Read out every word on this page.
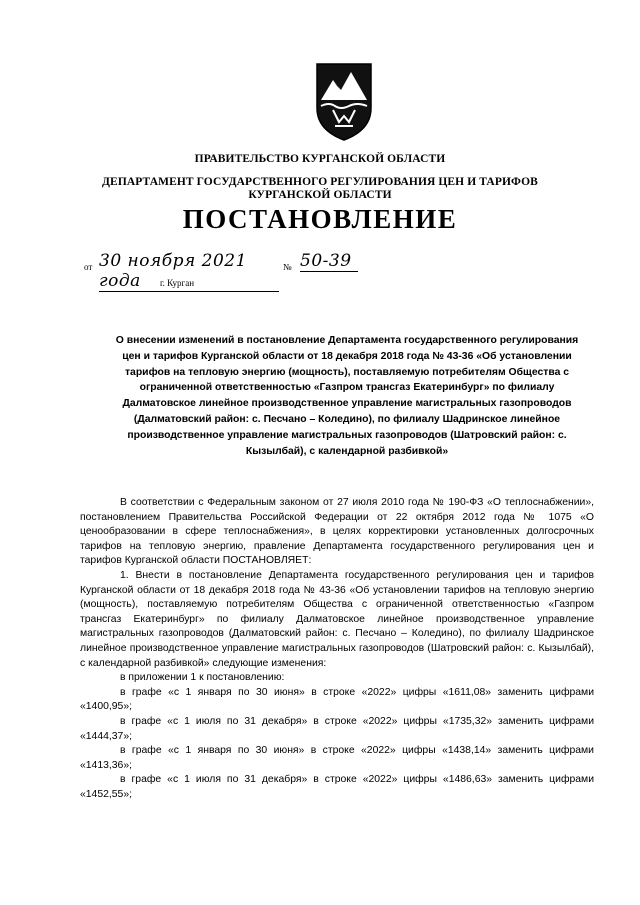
ПРАВИТЕЛЬСТВО КУРГАНСКОЙ ОБЛАСТИ
ДЕПАРТАМЕНТ ГОСУДАРСТВЕННОГО РЕГУЛИРОВАНИЯ ЦЕН И ТАРИФОВ
КУРГАНСКОЙ ОБЛАСТИ
ПОСТАНОВЛЕНИЕ
от 30 ноября 2021 года
№ 50-39
г. Курган
О внесении изменений в постановление Департамента государственного регулирования цен и тарифов Курганской области от 18 декабря 2018 года № 43-36 «Об установлении тарифов на тепловую энергию (мощность), поставляемую потребителям Общества с ограниченной ответственностью «Газпром трансгаз Екатеринбург» по филиалу Далматовское линейное производственное управление магистральных газопроводов (Далматовский район: с. Песчано – Коледино), по филиалу Шадринское линейное производственное управление магистральных газопроводов (Шатровский район: с. Кызылбай), с календарной разбивкой»

В соответствии с Федеральным законом от 27 июля 2010 года № 190-ФЗ «О теплоснабжении», постановлением Правительства Российской Федерации от 22 октября 2012 года № 1075 «О ценообразовании в сфере теплоснабжения», в целях корректировки установленных долгосрочных тарифов на тепловую энергию, правление Департамента государственного регулирования цен и тарифов Курганской области ПОСТАНОВЛЯЕТ:

1. Внести в постановление Департамента государственного регулирования цен и тарифов Курганской области от 18 декабря 2018 года № 43-36 «Об установлении тарифов на тепловую энергию (мощность), поставляемую потребителям Общества с ограниченной ответственностью «Газпром трансгаз Екатеринбург» по филиалу Далматовское линейное производственное управление магистральных газопроводов (Далматовский район: с. Песчано – Коледино), по филиалу Шадринское линейное производственное управление магистральных газопроводов (Шатровский район: с. Кызылбай), с календарной разбивкой» следующие изменения:

в приложении 1 к постановлению:

в графе «с 1 января по 30 июня» в строке «2022» цифры «1611,08» заменить цифрами «1400,95»;

в графе «с 1 июля по 31 декабря» в строке «2022» цифры «1735,32» заменить цифрами «1444,37»;

в графе «с 1 января по 30 июня» в строке «2022» цифры «1438,14» заменить цифрами «1413,36»;

в графе «с 1 июля по 31 декабря» в строке «2022» цифры «1486,63» заменить цифрами «1452,55»;
